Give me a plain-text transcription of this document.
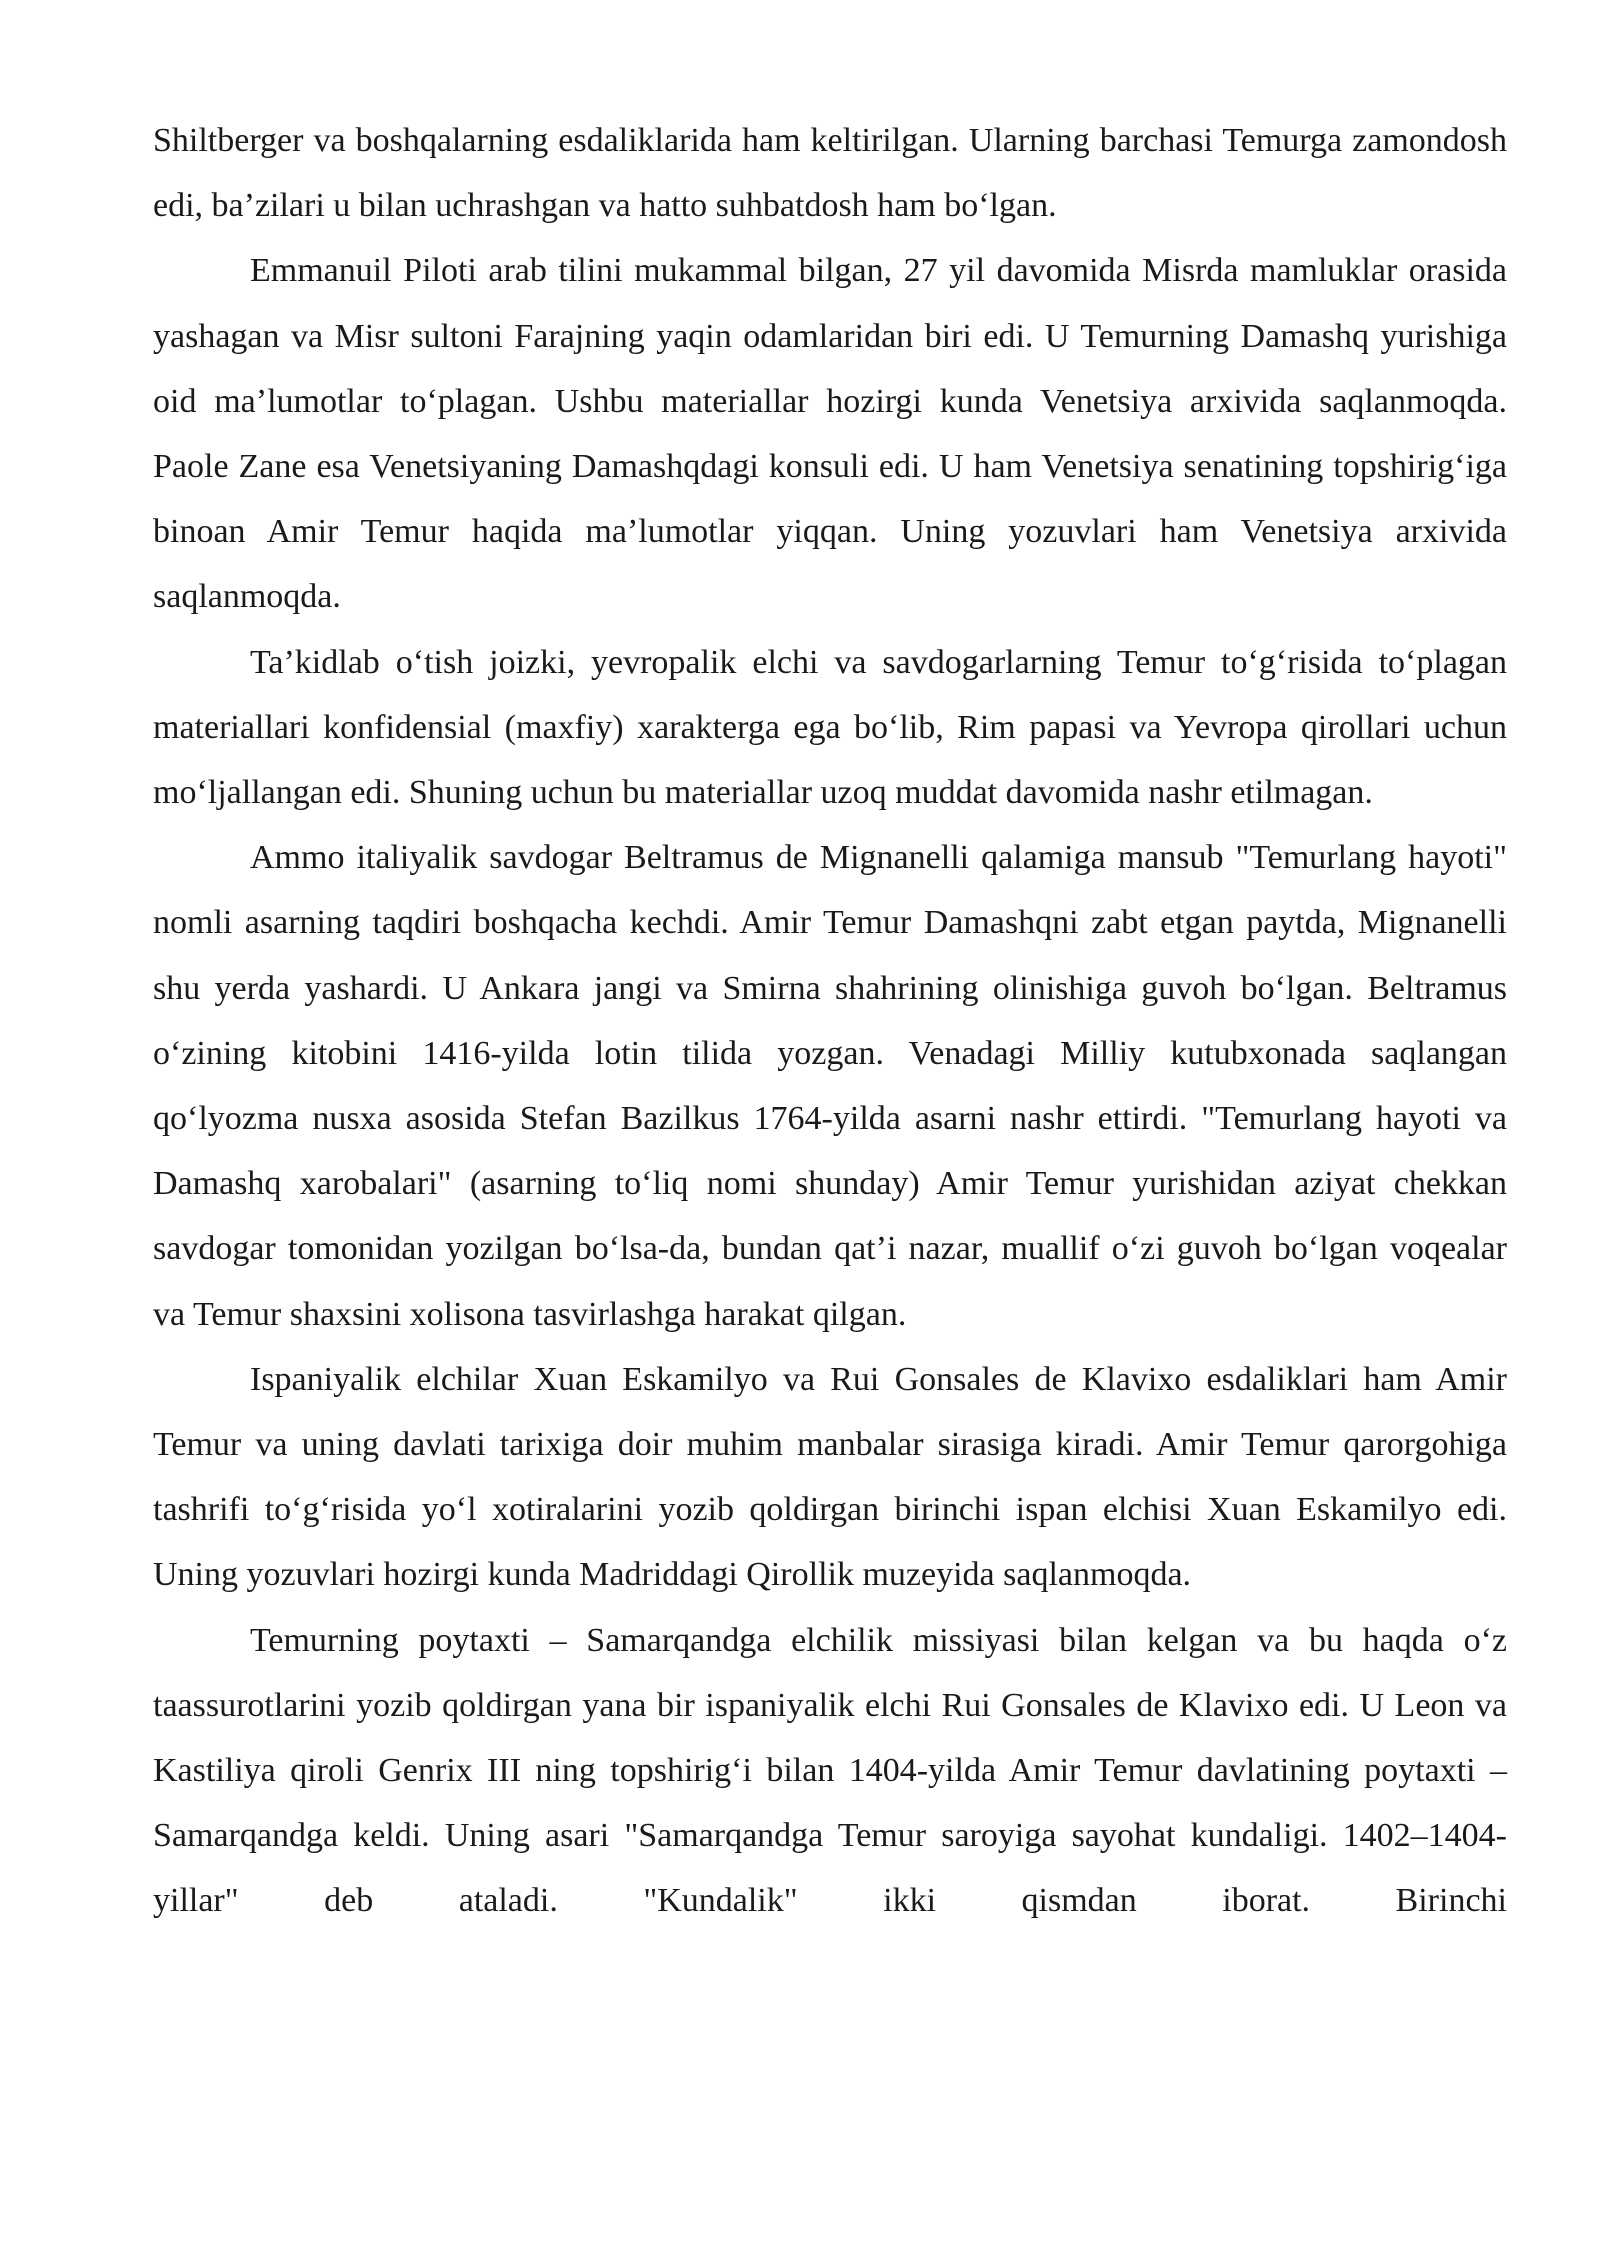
Shiltberger va boshqalarning esdaliklarida ham keltirilgan. Ularning barchasi Temurga zamondosh edi, ba’zilari u bilan uchrashgan va hatto suhbatdosh ham bo‘lgan.

Emmanuil Piloti arab tilini mukammal bilgan, 27 yil davomida Misrda mamluklar orasida yashagan va Misr sultoni Farajning yaqin odamlaridan biri edi. U Temurning Damashq yurishiga oid ma’lumotlar to‘plagan. Ushbu materiallar hozirgi kunda Venetsiya arxivida saqlanmoqda. Paole Zane esa Venetsiyaning Damashqdagi konsuli edi. U ham Venetsiya senatining topshirig‘iga binoan Amir Temur haqida ma’lumotlar yiqqan. Uning yozuvlari ham Venetsiya arxivida saqlanmoqda.

Ta’kidlab o‘tish joizki, yevropalik elchi va savdogarlarning Temur to‘g‘risida to‘plagan materiallari konfidensial (maxfiy) xarakterga ega bo‘lib, Rim papasi va Yevropa qirollari uchun mo‘ljallangan edi. Shuning uchun bu materiallar uzoq muddat davomida nashr etilmagan.

Ammo italiyalik savdogar Beltramus de Mignanelli qalamiga mansub "Temurlang hayoti" nomli asarning taqdiri boshqacha kechdi. Amir Temur Damashqni zabt etgan paytda, Mignanelli shu yerda yashardi. U Ankara jangi va Smirna shahrining olinishiga guvoh bo‘lgan. Beltramus o‘zining kitobini 1416-yilda lotin tilida yozgan. Venadagi Milliy kutubxonada saqlangan qo‘lyozma nusxa asosida Stefan Bazilkus 1764-yilda asarni nashr ettirdi. "Temurlang hayoti va Damashq xarobalari" (asarning to‘liq nomi shunday) Amir Temur yurishidan aziyat chekkan savdogar tomonidan yozilgan bo‘lsa-da, bundan qat’i nazar, muallif o‘zi guvoh bo‘lgan voqealar va Temur shaxsini xolisona tasvirlashga harakat qilgan.

Ispaniyalik elchilar Xuan Eskamilyo va Rui Gonsales de Klavixo esdaliklari ham Amir Temur va uning davlati tarixiga doir muhim manbalar sirasiga kiradi. Amir Temur qarorgohiga tashrifi to‘g‘risida yo‘l xotiralarini yozib qoldirgan birinchi ispan elchisi Xuan Eskamilyo edi. Uning yozuvlari hozirgi kunda Madriddagi Qirollik muzeyida saqlanmoqda.

Temurning poytaxti – Samarqandga elchilik missiyasi bilan kelgan va bu haqda o‘z taassurotlarini yozib qoldirgan yana bir ispaniyalik elchi Rui Gonsales de Klavixo edi. U Leon va Kastiliya qiroli Genrix III ning topshirig‘i bilan 1404-yilda Amir Temur davlatining poytaxti – Samarqandga keldi. Uning asari "Samarqandga Temur saroyiga sayohat kundaligi. 1402–1404-yillar" deb ataladi. "Kundalik" ikki qismdan iborat. Birinchi
